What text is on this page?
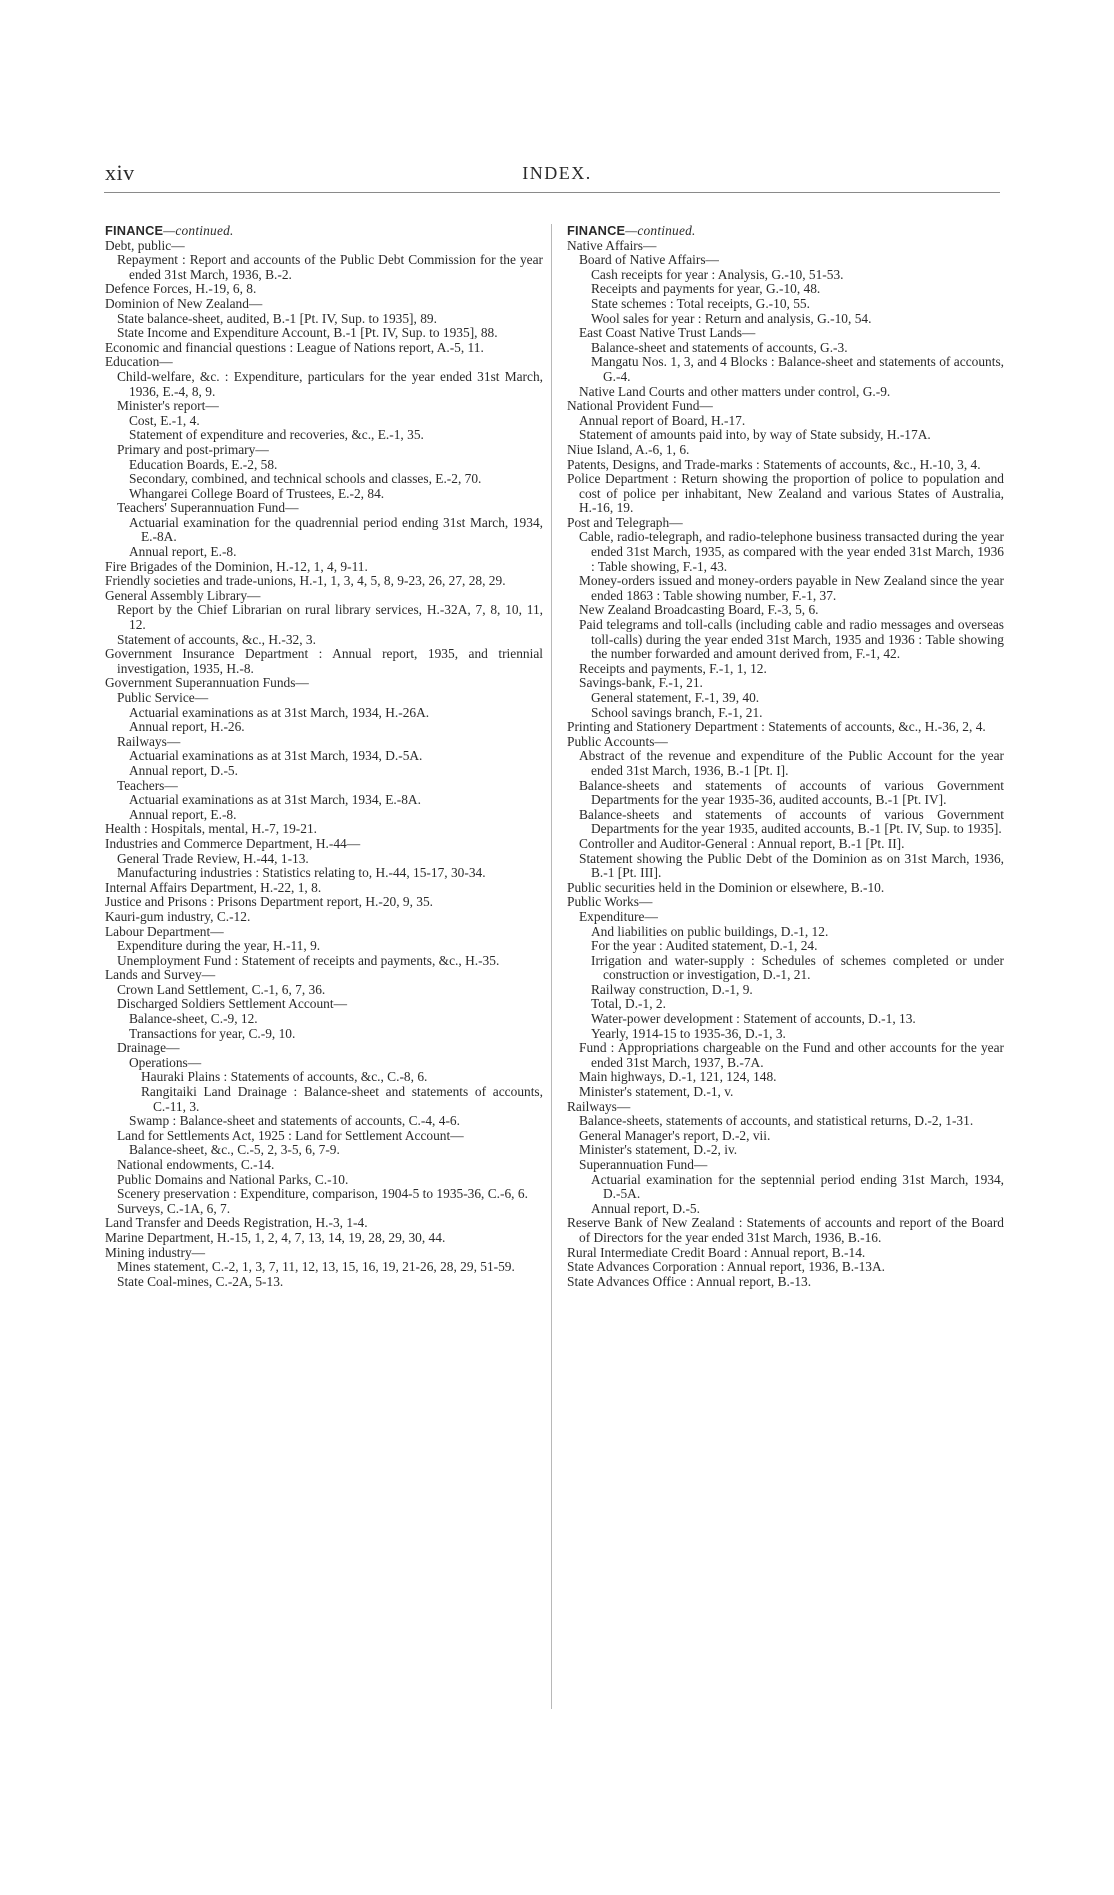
xiv	INDEX.
FINANCE—continued.
Debt, public—
Repayment : Report and accounts of the Public Debt Commission for the year ended 31st March, 1936, B.-2.
Defence Forces, H.-19, 6, 8.
Dominion of New Zealand—
State balance-sheet, audited, B.-1 [Pt. IV, Sup. to 1935], 89.
State Income and Expenditure Account, B.-1 [Pt. IV, Sup. to 1935], 88.
Economic and financial questions : League of Nations report, A.-5, 11.
Education—
Child-welfare, &c. : Expenditure, particulars for the year ended 31st March, 1936, E.-4, 8, 9.
Minister's report—
Cost, E.-1, 4.
Statement of expenditure and recoveries, &c., E.-1, 35.
Primary and post-primary—
Education Boards, E.-2, 58.
Secondary, combined, and technical schools and classes, E.-2, 70.
Whangarei College Board of Trustees, E.-2, 84.
Teachers' Superannuation Fund—
Actuarial examination for the quadrennial period ending 31st March, 1934, E.-8A.
Annual report, E.-8.
Fire Brigades of the Dominion, H.-12, 1, 4, 9-11.
Friendly societies and trade-unions, H.-1, 1, 3, 4, 5, 8, 9-23, 26, 27, 28, 29.
General Assembly Library—
Report by the Chief Librarian on rural library services, H.-32A, 7, 8, 10, 11, 12.
Statement of accounts, &c., H.-32, 3.
Government Insurance Department : Annual report, 1935, and triennial investigation, 1935, H.-8.
Government Superannuation Funds—
Public Service—
Actuarial examinations as at 31st March, 1934, H.-26A.
Annual report, H.-26.
Railways—
Actuarial examinations as at 31st March, 1934, D.-5A.
Annual report, D.-5.
Teachers—
Actuarial examinations as at 31st March, 1934, E.-8A.
Annual report, E.-8.
Health : Hospitals, mental, H.-7, 19-21.
Industries and Commerce Department, H.-44—
General Trade Review, H.-44, 1-13.
Manufacturing industries : Statistics relating to, H.-44, 15-17, 30-34.
Internal Affairs Department, H.-22, 1, 8.
Justice and Prisons : Prisons Department report, H.-20, 9, 35.
Kauri-gum industry, C.-12.
Labour Department—
Expenditure during the year, H.-11, 9.
Unemployment Fund : Statement of receipts and payments, &c., H.-35.
Lands and Survey—
Crown Land Settlement, C.-1, 6, 7, 36.
Discharged Soldiers Settlement Account—
Balance-sheet, C.-9, 12.
Transactions for year, C.-9, 10.
Drainage—
Operations—
Hauraki Plains : Statements of accounts, &c., C.-8, 6.
Rangitaiki Land Drainage : Balance-sheet and statements of accounts, C.-11, 3.
Swamp : Balance-sheet and statements of accounts, C.-4, 4-6.
Land for Settlements Act, 1925 : Land for Settlement Account—
Balance-sheet, &c., C.-5, 2, 3-5, 6, 7-9.
National endowments, C.-14.
Public Domains and National Parks, C.-10.
Scenery preservation : Expenditure, comparison, 1904-5 to 1935-36, C.-6, 6.
Surveys, C.-1A, 6, 7.
Land Transfer and Deeds Registration, H.-3, 1-4.
Marine Department, H.-15, 1, 2, 4, 7, 13, 14, 19, 28, 29, 30, 44.
Mining industry—
Mines statement, C.-2, 1, 3, 7, 11, 12, 13, 15, 16, 19, 21-26, 28, 29, 51-59.
State Coal-mines, C.-2A, 5-13.
FINANCE—continued.
Native Affairs—
Board of Native Affairs—
Cash receipts for year : Analysis, G.-10, 51-53.
Receipts and payments for year, G.-10, 48.
State schemes : Total receipts, G.-10, 55.
Wool sales for year : Return and analysis, G.-10, 54.
East Coast Native Trust Lands—
Balance-sheet and statements of accounts, G.-3.
Mangatu Nos. 1, 3, and 4 Blocks : Balance-sheet and statements of accounts, G.-4.
Native Land Courts and other matters under control, G.-9.
National Provident Fund—
Annual report of Board, H.-17.
Statement of amounts paid into, by way of State subsidy, H.-17A.
Niue Island, A.-6, 1, 6.
Patents, Designs, and Trade-marks : Statements of accounts, &c., H.-10, 3, 4.
Police Department : Return showing the proportion of police to population and cost of police per inhabitant, New Zealand and various States of Australia, H.-16, 19.
Post and Telegraph—
Cable, radio-telegraph, and radio-telephone business transacted during the year ended 31st March, 1935, as compared with the year ended 31st March, 1936 : Table showing, F.-1, 43.
Money-orders issued and money-orders payable in New Zealand since the year ended 1863 : Table showing number, F.-1, 37.
New Zealand Broadcasting Board, F.-3, 5, 6.
Paid telegrams and toll-calls (including cable and radio messages and overseas toll-calls) during the year ended 31st March, 1935 and 1936 : Table showing the number forwarded and amount derived from, F.-1, 42.
Receipts and payments, F.-1, 1, 12.
Savings-bank, F.-1, 21.
General statement, F.-1, 39, 40.
School savings branch, F.-1, 21.
Printing and Stationery Department : Statements of accounts, &c., H.-36, 2, 4.
Public Accounts—
Abstract of the revenue and expenditure of the Public Account for the year ended 31st March, 1936, B.-1 [Pt. I].
Balance-sheets and statements of accounts of various Government Departments for the year 1935-36, audited accounts, B.-1 [Pt. IV].
Balance-sheets and statements of accounts of various Government Departments for the year 1935, audited accounts, B.-1 [Pt. IV, Sup. to 1935].
Controller and Auditor-General : Annual report, B.-1 [Pt. II].
Statement showing the Public Debt of the Dominion as on 31st March, 1936, B.-1 [Pt. III].
Public securities held in the Dominion or elsewhere, B.-10.
Public Works—
Expenditure—
And liabilities on public buildings, D.-1, 12.
For the year : Audited statement, D.-1, 24.
Irrigation and water-supply : Schedules of schemes completed or under construction or investigation, D.-1, 21.
Railway construction, D.-1, 9.
Total, D.-1, 2.
Water-power development : Statement of accounts, D.-1, 13.
Yearly, 1914-15 to 1935-36, D.-1, 3.
Fund : Appropriations chargeable on the Fund and other accounts for the year ended 31st March, 1937, B.-7A.
Main highways, D.-1, 121, 124, 148.
Minister's statement, D.-1, v.
Railways—
Balance-sheets, statements of accounts, and statistical returns, D.-2, 1-31.
General Manager's report, D.-2, vii.
Minister's statement, D.-2, iv.
Superannuation Fund—
Actuarial examination for the septennial period ending 31st March, 1934, D.-5A.
Annual report, D.-5.
Reserve Bank of New Zealand : Statements of accounts and report of the Board of Directors for the year ended 31st March, 1936, B.-16.
Rural Intermediate Credit Board : Annual report, B.-14.
State Advances Corporation : Annual report, 1936, B.-13A.
State Advances Office : Annual report, B.-13.
